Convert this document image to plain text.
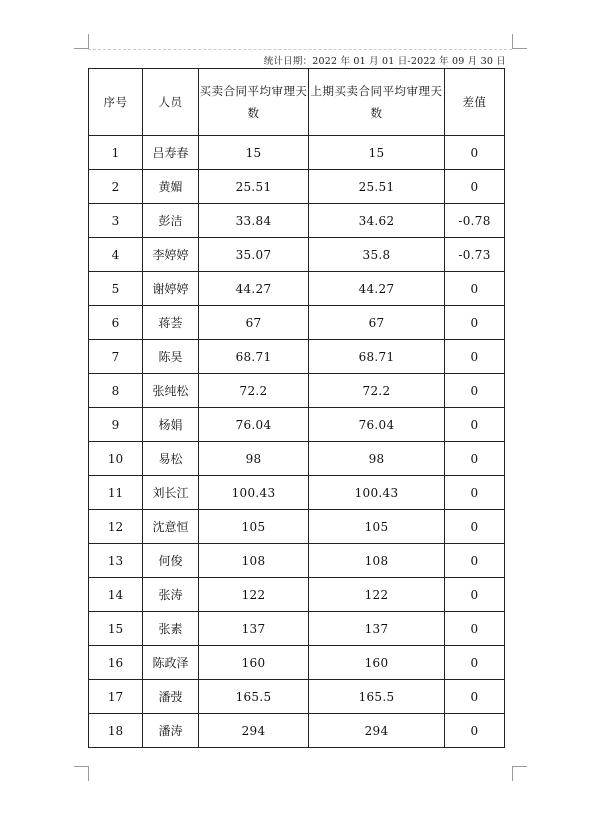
统计日期：2022 年 01 月 01 日-2022 年 09 月 30 日
序号	人员	买卖合同平均审理天数	上期买卖合同平均审理天数	差值
1	吕寿春	15	15	0
2	黄媚	25.51	25.51	0
3	彭洁	33.84	34.62	-0.78
4	李婷婷	35.07	35.8	-0.73
5	谢婷婷	44.27	44.27	0
6	蒋荟	67	67	0
7	陈昊	68.71	68.71	0
8	张纯松	72.2	72.2	0
9	杨娟	76.04	76.04	0
10	易松	98	98	0
11	刘长江	100.43	100.43	0
12	沈意恒	105	105	0
13	何俊	108	108	0
14	张涛	122	122	0
15	张素	137	137	0
16	陈政泽	160	160	0
17	潘弢	165.5	165.5	0
18	潘涛	294	294	0
